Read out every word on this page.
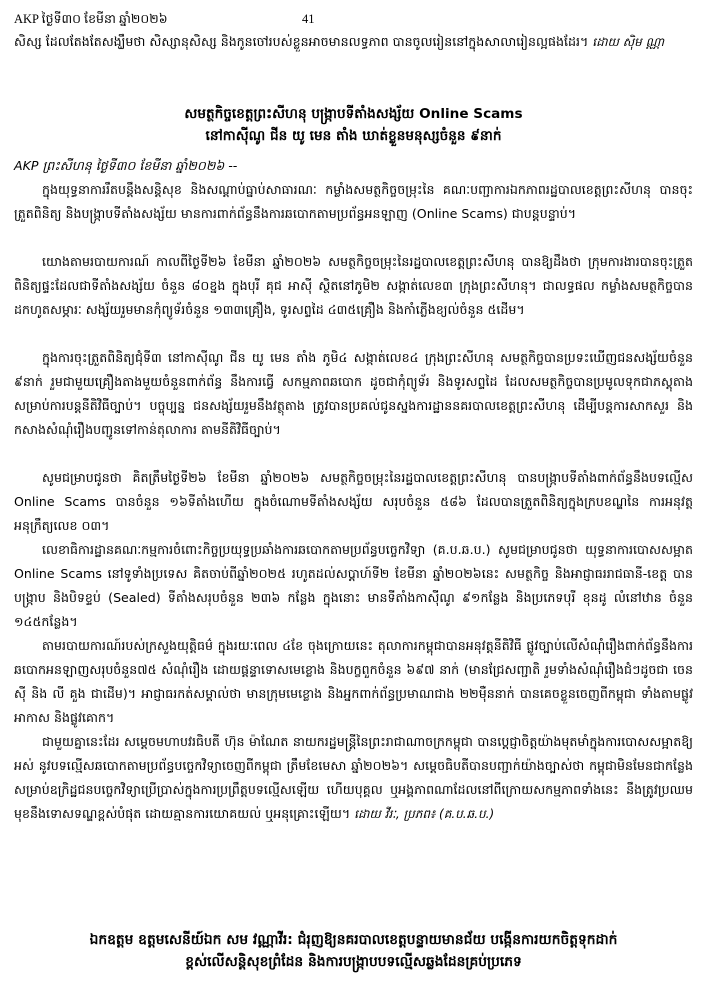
AKP ថ្ងៃទី៣០ ខែមីនា ឆ្នាំ២០២៦	41

សិស្ស ដែលតែងតែសង្ឃឹមថា សិស្សានុសិស្ស និងកូនចៅរបស់ខ្លួនអាចមានលទ្ធភាព បានចូលរៀននៅក្នុងសាលារៀនល្អផងដែរ។ ដោយ ស៊ិម ណ្ណា

សមត្ថកិច្ចខេត្តព្រះសីហនុ បង្ក្រាបទីតាំងសង្ស័យ Online Scams

នៅកាស៊ីណូ ជីន យូ មេន តាំង ឃាត់ខ្លួនមនុស្សចំនួន ៩នាក់

AKP ព្រះសីហនុ ថ្ងៃទី៣០ ខែមីនា ឆ្នាំ២០២៦ --

ក្នុងយុទ្ធនាការរឹតបន្តឹងសន្តិសុខ និងសណ្តាប់ធ្នាប់សាធារណៈ កម្លាំងសមត្ថកិច្ចចម្រុះនៃ គណៈបញ្ជាការឯកភាពរដ្ឋបាលខេត្តព្រះសីហនុ បានចុះត្រួតពិនិត្យ និងបង្ក្រាបទីតាំងសង្ស័យ មានការពាក់ព័ន្ធនឹងការឆបោកតាមប្រព័ន្ធអនឡាញ (Online Scams) ជាបន្តបន្ទាប់។

យោងតាមរបាយការណ៍ កាលពីថ្ងៃទី២៦ ខែមីនា ឆ្នាំ២០២៦ សមត្ថកិច្ចចម្រុះនៃរដ្ឋបាលខេត្តព្រះសីហនុ បានឱ្យដឹងថា ក្រុមការងារបានចុះត្រួតពិនិត្យផ្ទះដែលជាទីតាំងសង្ស័យ ចំនួន ៨០ខ្នង ក្នុងបុរី គុជ អាស៊ី ស្ថិតនៅភូមិ២ សង្កាត់លេខ៣ ក្រុងព្រះសីហនុ។ ជាលទ្ធផល កម្លាំងសមត្ថកិច្ចបានដកហូតសម្ភារៈ សង្ស័យរួមមានកុំព្យូទ័រចំនួន ១៣៣គ្រឿង, ទូរសព្ទដៃ ៤៣៥គ្រឿង និងកាំភ្លើងខ្យល់ចំនួន ៥ដើម។

ក្នុងការចុះត្រួតពិនិត្យជុំទី៣ នៅកាស៊ីណូ ជីន យូ មេន តាំង ភូមិ៤ សង្កាត់លេខ៤ ក្រុងព្រះសីហនុ សមត្ថកិច្ចបានប្រទះឃើញជនសង្ស័យចំនួន ៩នាក់ រួមជាមួយគ្រឿងតាងមួយចំនួនពាក់ព័ន្ធ នឹងការធ្វើ សកម្មភាពឆបោក ដូចជាកុំព្យូទ័រ និងទូរសព្ទដៃ ដែលសមត្ថកិច្ចបានប្រមូលទុកជាភស្តុតាង សម្រាប់ការបន្តនីតិវិធីច្បាប់។ បច្ចុប្បន្ន ជនសង្ស័យរួមនឹងវត្ថុតាង ត្រូវបានប្រគល់ជូនស្នងការដ្ឋាននគរបាលខេត្តព្រះសីហនុ ដើម្បីបន្តការសាកសួរ និង កសាងសំណុំរឿងបញ្ជូនទៅកាន់តុលាការ តាមនីតិវិធីច្បាប់។

សូមជម្រាបជូនថា គិតត្រឹមថ្ងៃទី២៦ ខែមីនា ឆ្នាំ២០២៦ សមត្ថកិច្ចចម្រុះនៃរដ្ឋបាលខេត្តព្រះសីហនុ បានបង្ក្រាបទីតាំងពាក់ព័ន្ធនឹងបទល្មើស Online Scams បានចំនួន ១៦ទីតាំងហើយ ក្នុងចំណោមទីតាំងសង្ស័យ សរុបចំនួន ៥៨៦ ដែលបានត្រួតពិនិត្យក្នុងក្របខណ្ឌនៃ ការអនុវត្តអនុក្រឹត្យលេខ ០៣។

លេខាធិការដ្ឋានគណៈកម្មការចំពោះកិច្ចប្រយុទ្ធប្រឆាំងការឆបោកតាមប្រព័ន្ធបច្ចេកវិទ្យា (គ.ប.ឆ.ប.) សូមជម្រាបជូនថា យុទ្ធនាការបោសសម្អាត Online Scams នៅទូទាំងប្រទេស គិតចាប់ពីឆ្នាំ២០២៥ រហូតដល់សប្តាហ៍ទី២ ខែមីនា ឆ្នាំ២០២៦នេះ សមត្ថកិច្ច និងអាជ្ញាធររាជធានី-ខេត្ត បានបង្ក្រាប និងបិទខ្ទប់ (Sealed) ទីតាំងសរុបចំនួន ២៣៦ កន្លែង ក្នុងនោះ មានទីតាំងកាស៊ីណូ ៩១កន្លែង និងប្រភេទបុរី ខុនដូ លំនៅឋាន ចំនួន ១៤៥កន្លែង។

តាមរបាយការណ៍របស់ក្រសួងយុត្តិធម៌ ក្នុងរយៈពេល ៤ខែ ចុងក្រោយនេះ តុលាការកម្ពុជាបានអនុវត្តនីតិវិធី ផ្លូវច្បាប់លើសំណុំរឿងពាក់ព័ន្ធនឹងការឆបោកអនឡាញសរុបចំនួន៧៥ សំណុំរឿង ដោយផ្តន្ទាទោសមេខ្លោង និងបក្ខពួកចំនួន ៦៩៧ នាក់ (មានជ្រែសញ្ជាតិ រួមទាំងសំណុំរឿងជំៗដូចជា ចេន ស៊ី និង លី គួង ជាដើម)។ អាជ្ញាធរកត់សម្គាល់ថា មានក្រុមមេខ្លោង និងអ្នកពាក់ព័ន្ធប្រមាណជាង ២២ម៉ឺននាក់ បានគេចខ្លួនចេញពីកម្ពុជា ទាំងតាមផ្លូវអាកាស និងផ្លូវគោក។

ជាមួយគ្នានេះដែរ សម្តេចមហាបវរធិបតី ហ៊ុន ម៉ាណែត នាយករដ្ឋមន្ត្រីនៃព្រះរាជាណាចក្រកម្ពុជា បានប្តេជ្ញាចិត្តយ៉ាងមុតមាំក្នុងការបោសសម្អាតឱ្យអស់ នូវបទល្មើសឆបោកតាមប្រព័ន្ធបច្ចេកវិទ្យាចេញពីកម្ពុជា ត្រឹមខែមេសា ឆ្នាំ២០២៦។ សម្តេចធិបតីបានបញ្ជាក់យ៉ាងច្បាស់ថា កម្ពុជាមិនមែនជាកន្លែងសម្រាប់ឧក្រិដ្ឋជនបច្ចេកវិទ្យាប្រើប្រាស់ក្នុងការប្រព្រឹត្តបទល្មើសឡើយ ហើយបុគ្គល ឬអង្គភាពណាដែលនៅពីក្រោយសកម្មភាពទាំងនេះ នឹងត្រូវប្រឈមមុខនឹងទោសទណ្ឌខ្ពស់បំផុត ដោយគ្មានការយោគយល់ ឬអនុគ្រោះឡើយ។ ដោយ វីរៈ, ប្រភព៖ (គ.ប.ឆ.ប.)

ឯកឧត្តម ឧត្តមសេនីយ៍ឯក សម វណ្ណាវីរ: ជំរុញឱ្យនគរបាលខេត្តបន្ទាយមានជ័យ បង្កើនការយកចិត្តទុកដាក់

ខ្ពស់លើសន្តិសុខព្រំដែន និងការបង្ក្រាបបទល្មើសឆ្លងដែនគ្រប់ប្រភេទ
